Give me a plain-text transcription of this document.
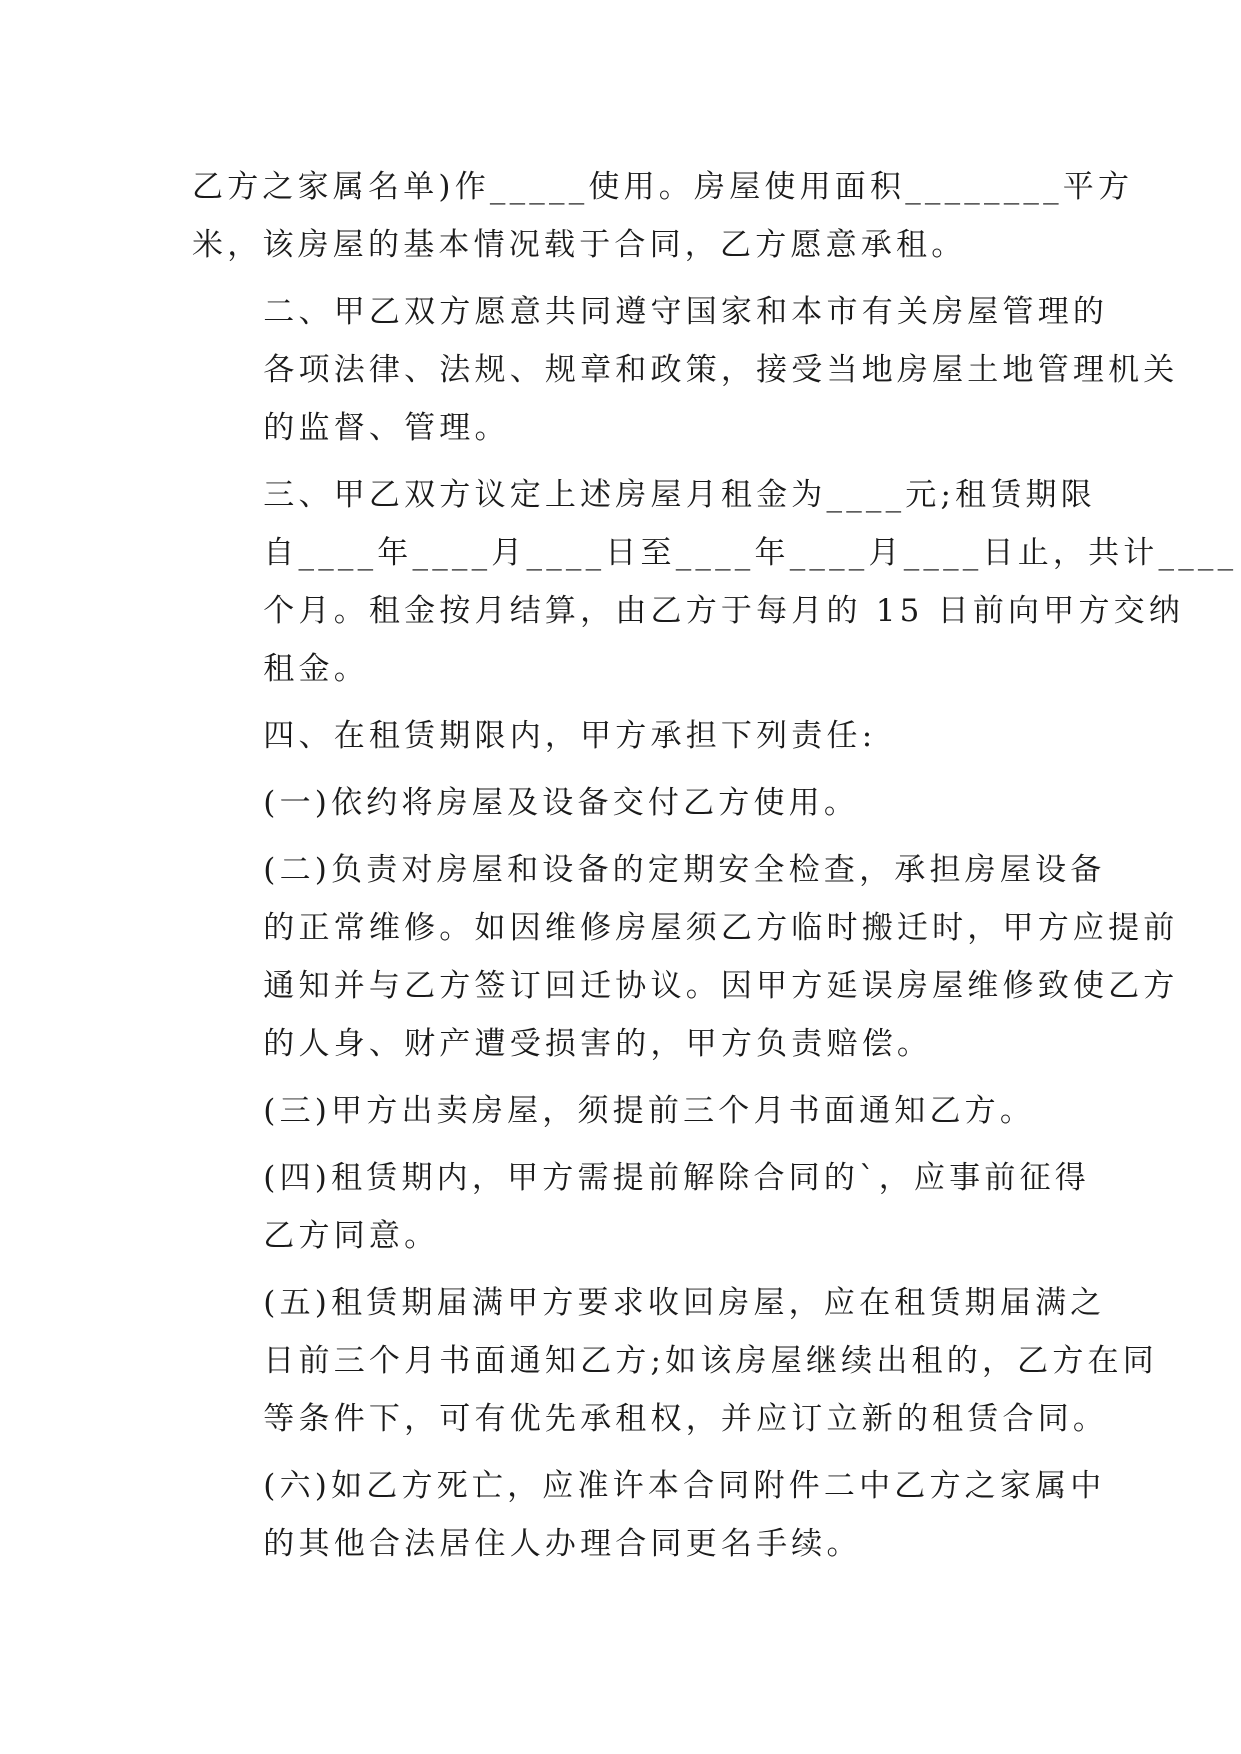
乙方之家属名单)作_____使用。房屋使用面积________平方
米，该房屋的基本情况载于合同，乙方愿意承租。

二、甲乙双方愿意共同遵守国家和本市有关房屋管理的
各项法律、法规、规章和政策，接受当地房屋土地管理机关
的监督、管理。

三、甲乙双方议定上述房屋月租金为____元;租赁期限
自____年____月____日至____年____月____日止，共计____
个月。租金按月结算，由乙方于每月的 15 日前向甲方交纳
租金。

四、在租赁期限内，甲方承担下列责任:

(一)依约将房屋及设备交付乙方使用。

(二)负责对房屋和设备的定期安全检查，承担房屋设备
的正常维修。如因维修房屋须乙方临时搬迁时，甲方应提前
通知并与乙方签订回迁协议。因甲方延误房屋维修致使乙方
的人身、财产遭受损害的，甲方负责赔偿。

(三)甲方出卖房屋，须提前三个月书面通知乙方。

(四)租赁期内，甲方需提前解除合同的`，应事前征得
乙方同意。

(五)租赁期届满甲方要求收回房屋，应在租赁期届满之
日前三个月书面通知乙方;如该房屋继续出租的，乙方在同
等条件下，可有优先承租权，并应订立新的租赁合同。

(六)如乙方死亡，应准许本合同附件二中乙方之家属中
的其他合法居住人办理合同更名手续。
